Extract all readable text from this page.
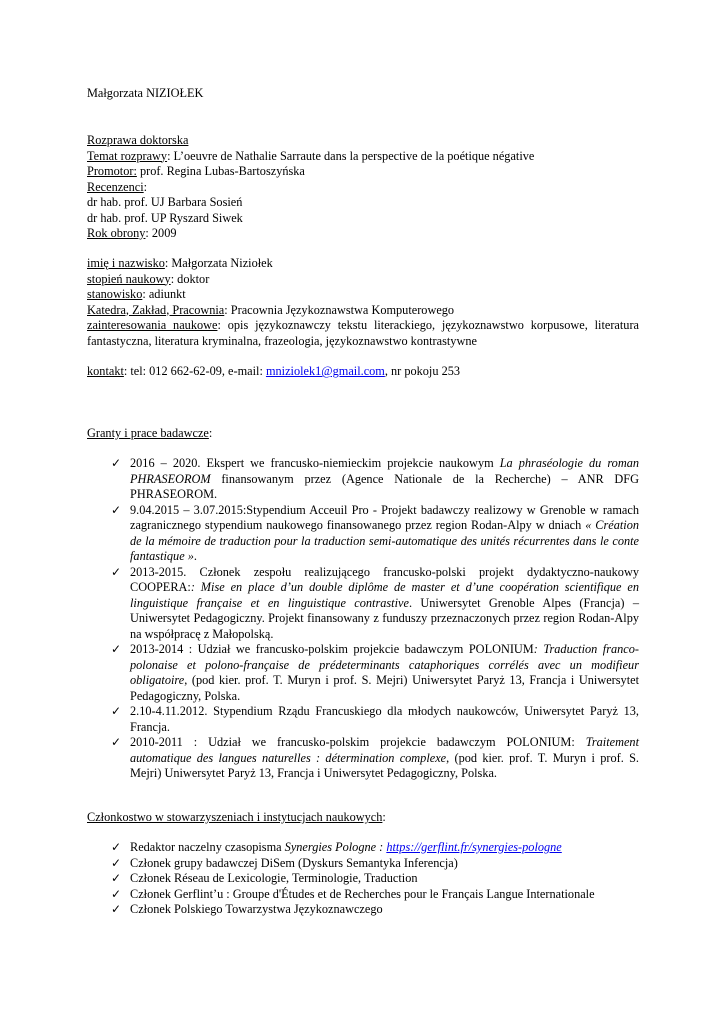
Małgorzata NIZIOŁEK
Rozprawa doktorska
Temat rozprawy: L’oeuvre de Nathalie Sarraute dans la perspective de la poétique négative
Promotor: prof. Regina Lubas-Bartoszyńska
Recenzenci:
dr hab. prof. UJ Barbara Sosień
dr hab. prof. UP Ryszard Siwek
Rok obrony: 2009
imię i nazwisko: Małgorzata Niziołek
stopień naukowy: doktor
stanowisko: adiunkt
Katedra, Zakład, Pracownia: Pracownia Językoznawstwa Komputerowego
zainteresowania naukowe: opis językoznawczy tekstu literackiego, językoznawstwo korpusowe, literatura fantastyczna, literatura kryminalna, frazeologia, językoznawstwo kontrastywne
kontakt: tel: 012 662-62-09, e-mail: mniziolek1@gmail.com, nr pokoju 253
Granty i prace badawcze:
✓ 2016 – 2020. Ekspert we francusko-niemieckim projekcie naukowym La phraséologie du roman PHRASEOROM finansowanym przez (Agence Nationale de la Recherche) – ANR DFG PHRASEOROM.
✓ 9.04.2015 – 3.07.2015:Stypendium Acceuil Pro - Projekt badawczy realizowy w Grenoble w ramach zagranicznego stypendium naukowego finansowanego przez region Rodan-Alpy w dniach « Création de la mémoire de traduction pour la traduction semi-automatique des unités récurrentes dans le conte fantastique ».
✓ 2013-2015. Członek zespołu realizującego francusko-polski projekt dydaktyczno-naukowy COOPERA:: Mise en place d’un double diplôme de master et d’une coopération scientifique en linguistique française et en linguistique contrastive. Uniwersytet Grenoble Alpes (Francja) –Uniwersytet Pedagogiczny. Projekt finansowany z funduszy przeznaczonych przez region Rodan-Alpy na współpracę z Małopolską.
✓ 2013-2014 : Udział we francusko-polskim projekcie badawczym POLONIUM: Traduction franco-polonaise et polono-française de prédeterminants cataphoriques corrélés avec un modifieur obligatoire, (pod kier. prof. T. Muryn i prof. S. Mejri) Uniwersytet Paryż 13, Francja i Uniwersytet Pedagogiczny, Polska.
✓ 2.10-4.11.2012. Stypendium Rządu Francuskiego dla młodych naukowców, Uniwersytet Paryż 13, Francja.
✓ 2010-2011 : Udział we francusko-polskim projekcie badawczym POLONIUM: Traitement automatique des langues naturelles : détermination complexe, (pod kier. prof. T. Muryn i prof. S. Mejri) Uniwersytet Paryż 13, Francja i Uniwersytet Pedagogiczny, Polska.
Członkostwo w stowarzyszeniach i instytucjach naukowych:
✓ Redaktor naczelny czasopisma Synergies Pologne : https://gerflint.fr/synergies-pologne
✓ Członek grupy badawczej DiSem (Dyskurs Semantyka Inferencja)
✓ Członek Réseau de Lexicologie, Terminologie, Traduction
✓ Członek Gerflint’u : Groupe d'Études et de Recherches pour le Français Langue Internationale
✓ Członek Polskiego Towarzystwa Językoznawczego
